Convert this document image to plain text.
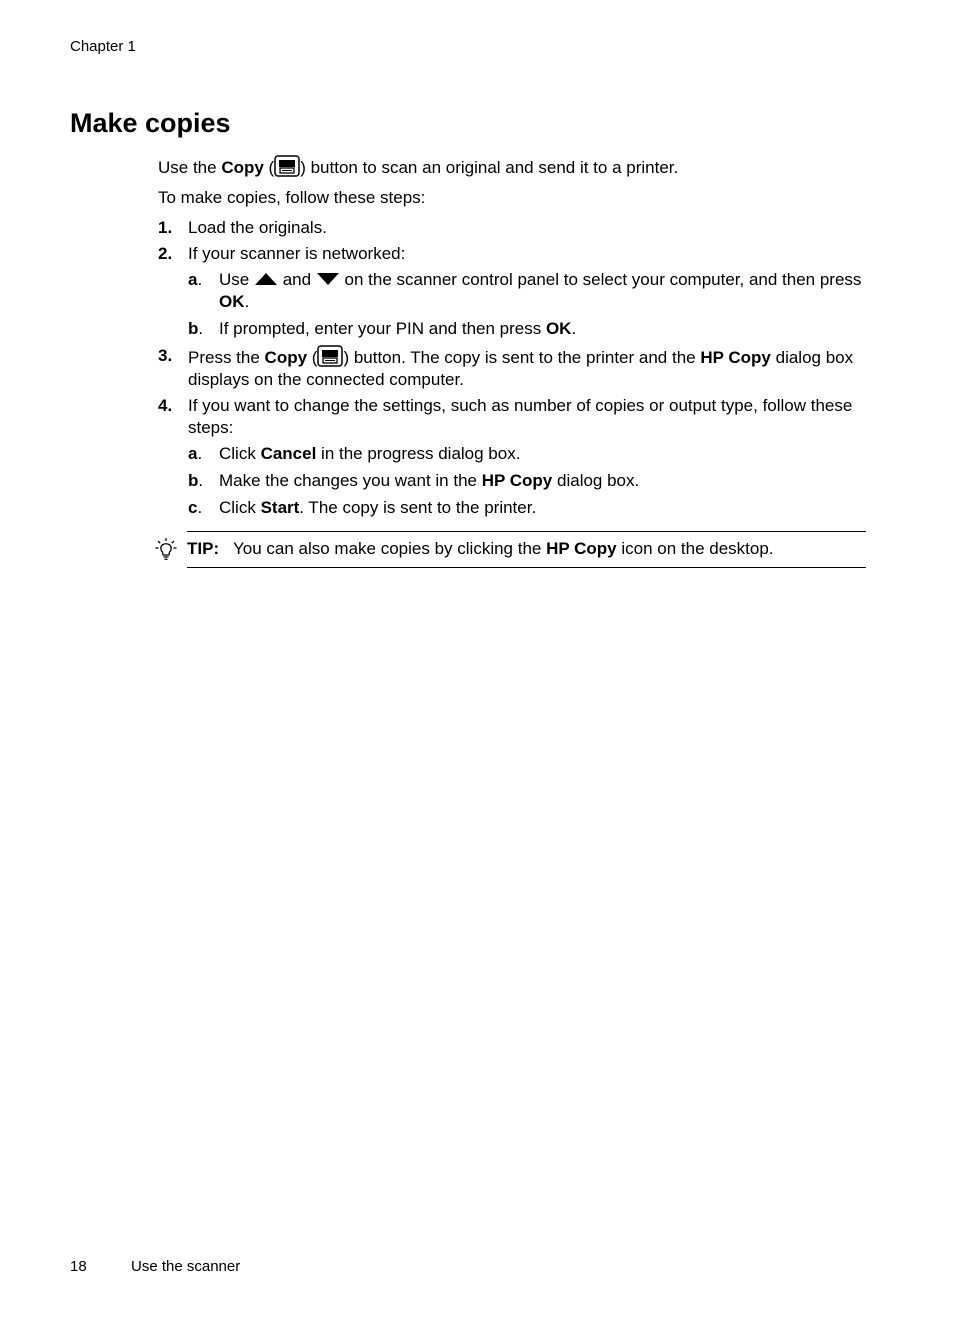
Chapter 1
Make copies

Use the Copy ( ) button to scan an original and send it to a printer.

To make copies, follow these steps:

1. Load the originals.
2. If your scanner is networked:
a. Use  and  on the scanner control panel to select your computer, and then press OK.
b. If prompted, enter your PIN and then press OK.
3. Press the Copy ( ) button. The copy is sent to the printer and the HP Copy dialog box displays on the connected computer.
4. If you want to change the settings, such as number of copies or output type, follow these steps:
a. Click Cancel in the progress dialog box.
b. Make the changes you want in the HP Copy dialog box.
c. Click Start. The copy is sent to the printer.
TIP: You can also make copies by clicking the HP Copy icon on the desktop.
18	Use the scanner
